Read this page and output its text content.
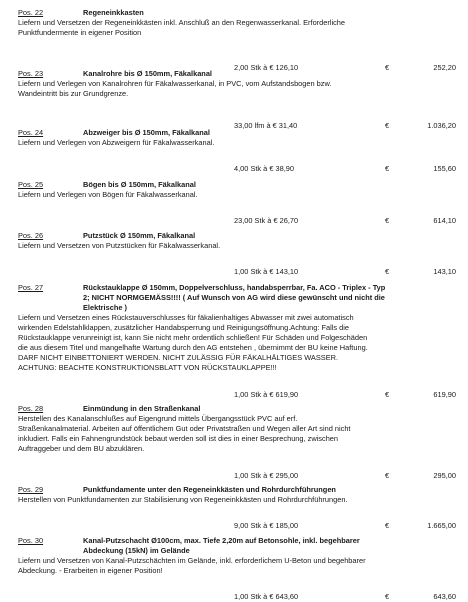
Pos. 22	Regeneinkkasten
Liefern und Versetzen der Regeneinkkästen inkl. Anschluß an den Regenwasserkanal. Erforderliche
Punktfundermente in eigener Position
2,00 Stk à € 126,10	€	252,20
Pos. 23	Kanalrohre bis Ø 150mm, Fäkalkanal
Liefern und Verlegen von Kanalrohren für Fäkalwasserkanal, in PVC, vom Aufstandsbogen bzw.
Wandeintritt bis zur Grundgrenze.
33,00 lfm à € 31,40	€	1.036,20
Pos. 24	Abzweiger bis Ø 150mm, Fäkalkanal
Liefern und Verlegen von Abzweigern für Fäkalwasserkanal.
4,00 Stk à € 38,90	€	155,60
Pos. 25	Bögen bis Ø 150mm, Fäkalkanal
Liefern und Verlegen von Bögen für Fäkalwasserkanal.
23,00 Stk à € 26,70	€	614,10
Pos. 26	Putzstück Ø 150mm, Fäkalkanal
Liefern und Versetzen von Putzstücken für Fäkalwasserkanal.
1,00 Stk à € 143,10	€	143,10
Pos. 27	Rückstauklappe Ø 150mm, Doppelverschluss, handabsperrbar, Fa. ACO - Triplex - Typ 2; NICHT NORMGEMÄSS!!!! ( Auf Wunsch von AG wird diese gewünscht und nicht die Elektrische )
Liefern und Versetzen eines Rückstauverschlusses für fäkalienhaltiges Abwasser mit zwei automatisch
wirkenden Edelstahlklappen, zusätzlicher Handabsperrung und Reinigungsöffnung.Achtung: Falls die
Rückstauklappe verunreinigt ist, kann Sie nicht mehr ordentlich schließen! Für Schäden und Folgeschäden
die aus diesem Titel und mangelhafte Wartung durch den AG entstehen , übernimmt der BU keine Haftung.
DARF NICHT EINBETTONIERT WERDEN. NICHT ZULÄSSIG FÜR FÄKALHÄLTIGES WASSER.
ACHTUNG: BEACHTE KONSTRUKTIONSBLATT VON RÜCKSTAUKLAPPE!!!
1,00 Stk à € 619,90	€	619,90
Pos. 28	Einmündung in den Straßenkanal
Herstellen des Kanalanschlußes auf Eigengrund mittels Übergangsstück PVC auf erf.
Straßenkanalmaterial. Arbeiten auf öffentlichem Gut oder Privatstraßen und Wegen aller Art sind nicht
inkludiert. Falls ein Fahnengrundstück bebaut werden soll ist dies in einer Besprechung, zwischen
Auftraggeber und dem BU abzuklären.
1,00 Stk à € 295,00	€	295,00
Pos. 29	Punktfundamente unter den Regeneinkkästen und Rohrdurchführungen
Herstellen von Punktfundamenten zur Stabilisierung von Regeneinkkästen und Rohrdurchführungen.
9,00 Stk à € 185,00	€	1.665,00
Pos. 30	Kanal-Putzschacht Ø100cm, max. Tiefe 2,20m auf Betonsohle, inkl. begehbarer Abdeckung (15kN) im Gelände
Liefern und Versetzen von Kanal-Putzschächten im Gelände, inkl. erforderlichem U-Beton und begehbarer
Abdeckung. - Erarbeiten in eigener Position!
1,00 Stk à € 643,60	€	643,60
